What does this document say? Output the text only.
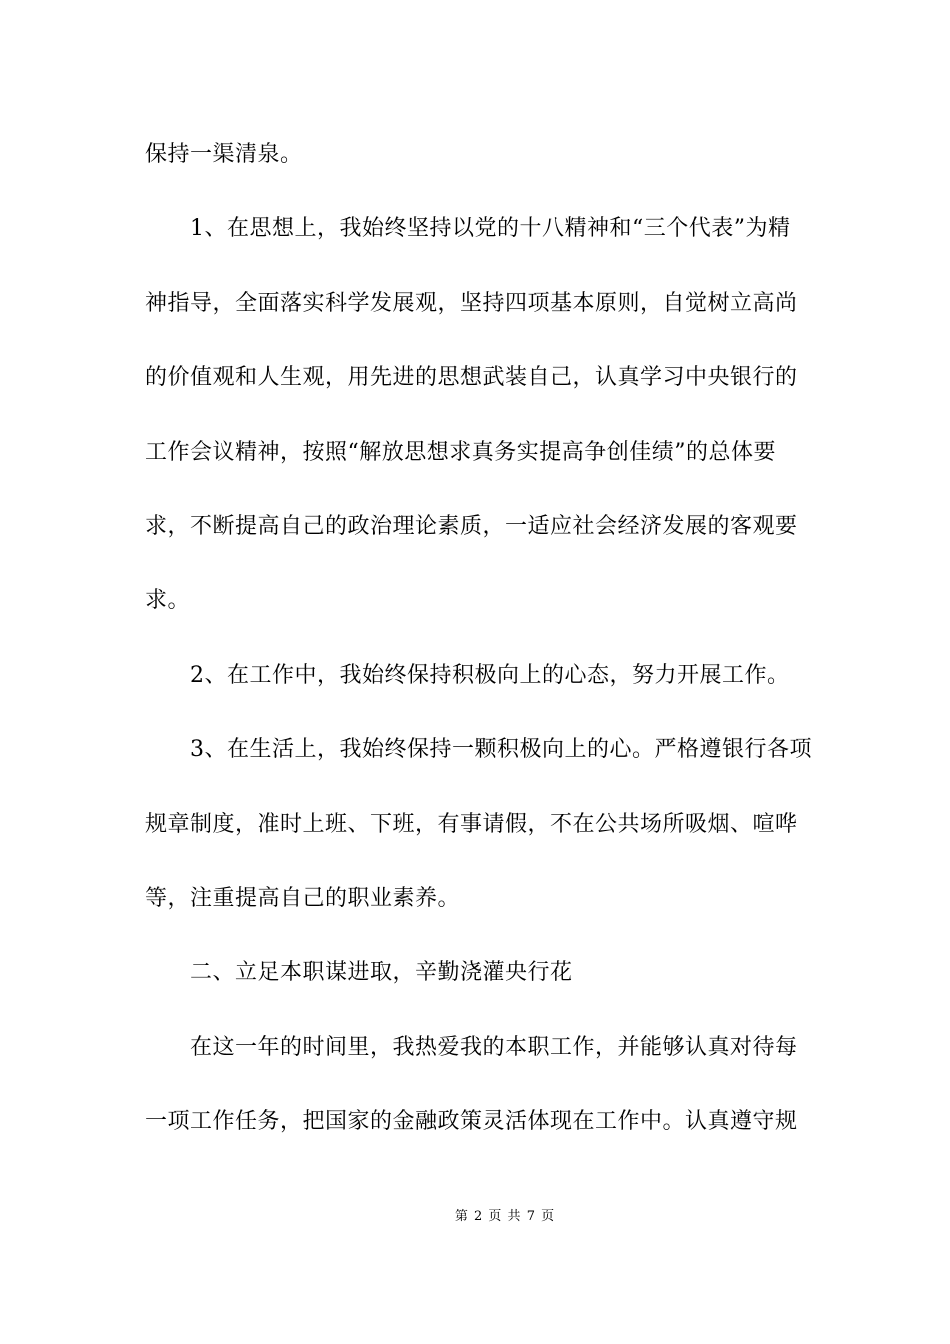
保持一渠清泉。
1、在思想上，我始终坚持以党的十八精神和“三个代表”为精
神指导，全面落实科学发展观，坚持四项基本原则，自觉树立高尚
的价值观和人生观，用先进的思想武装自己，认真学习中央银行的
工作会议精神，按照“解放思想求真务实提高争创佳绩”的总体要
求，不断提高自己的政治理论素质，一适应社会经济发展的客观要
求。
2、在工作中，我始终保持积极向上的心态，努力开展工作。
3、在生活上，我始终保持一颗积极向上的心。严格遵银行各项
规章制度，准时上班、下班，有事请假，不在公共场所吸烟、喧哗
等，注重提高自己的职业素养。
二、立足本职谋进取，辛勤浇灌央行花
在这一年的时间里，我热爱我的本职工作，并能够认真对待每
一项工作任务，把国家的金融政策灵活体现在工作中。认真遵守规
第 2 页 共 7 页
